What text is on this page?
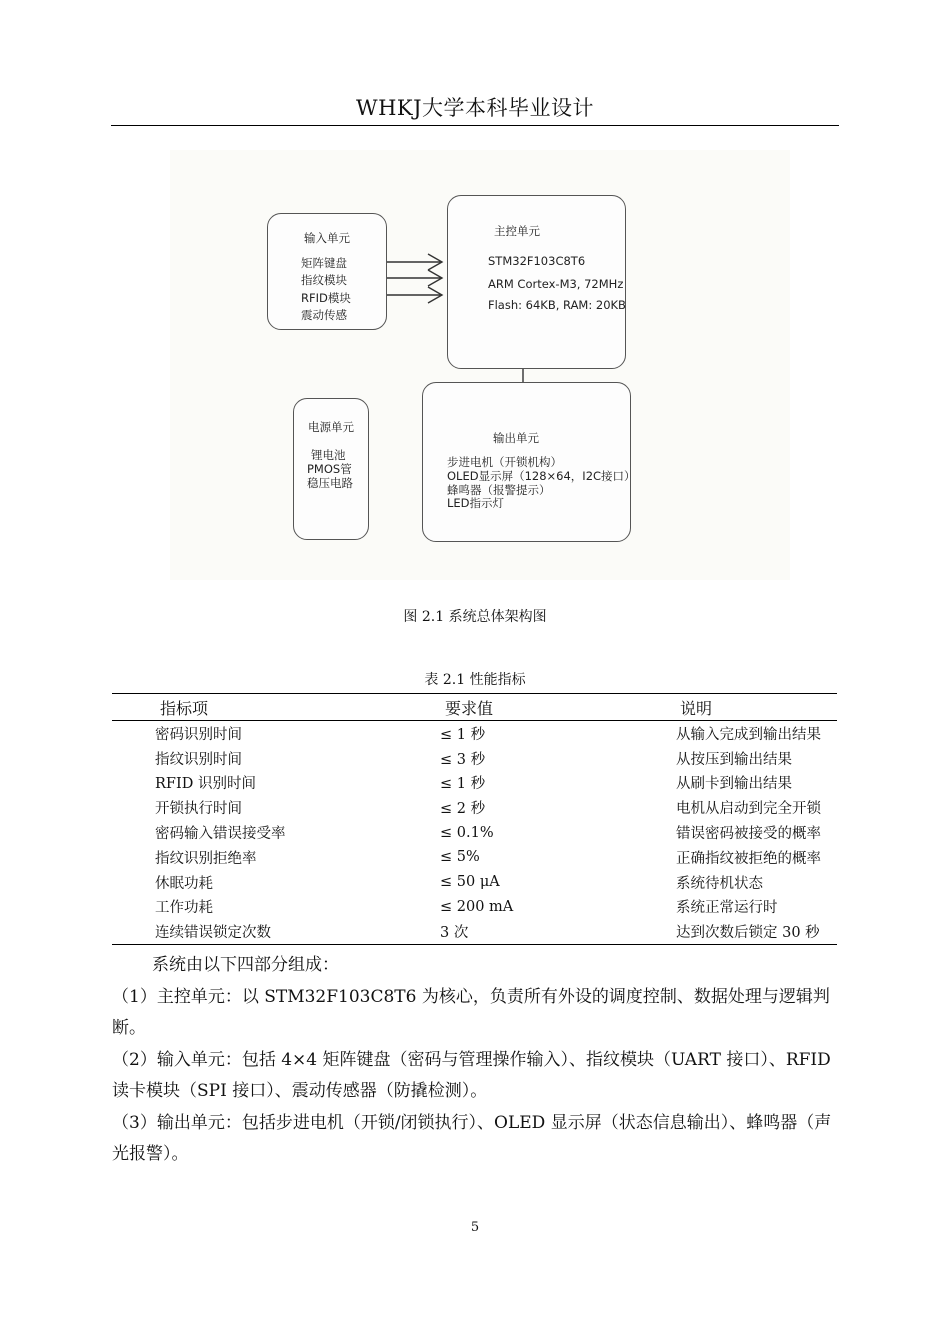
WHKJ大学本科毕业设计
输入单元
矩阵键盘
指纹模块
RFID模块
震动传感
主控单元
STM32F103C8T6
ARM Cortex-M3, 72MHz
Flash: 64KB, RAM: 20KB
电源单元
锂电池
PMOS管
稳压电路
输出单元
步进电机（开锁机构）
OLED显示屏（128×64，I2C接口）
蜂鸣器（报警提示）
LED指示灯
图 2.1 系统总体架构图
表 2.1 性能指标
指标项	要求值	说明
密码识别时间	≤ 1 秒	从输入完成到输出结果
指纹识别时间	≤ 3 秒	从按压到输出结果
RFID 识别时间	≤ 1 秒	从刷卡到输出结果
开锁执行时间	≤ 2 秒	电机从启动到完全开锁
密码输入错误接受率	≤ 0.1%	错误密码被接受的概率
指纹识别拒绝率	≤ 5%	正确指纹被拒绝的概率
休眠功耗	≤ 50 μA	系统待机状态
工作功耗	≤ 200 mA	系统正常运行时
连续错误锁定次数	3 次	达到次数后锁定 30 秒

系统由以下四部分组成：

（1）主控单元：以 STM32F103C8T6 为核心，负责所有外设的调度控制、数据处理与逻辑判断。

（2）输入单元：包括 4×4 矩阵键盘（密码与管理操作输入）、指纹模块（UART 接口）、RFID 读卡模块（SPI 接口）、震动传感器（防撬检测）。

（3）输出单元：包括步进电机（开锁/闭锁执行）、OLED 显示屏（状态信息输出）、蜂鸣器（声光报警）。

5
